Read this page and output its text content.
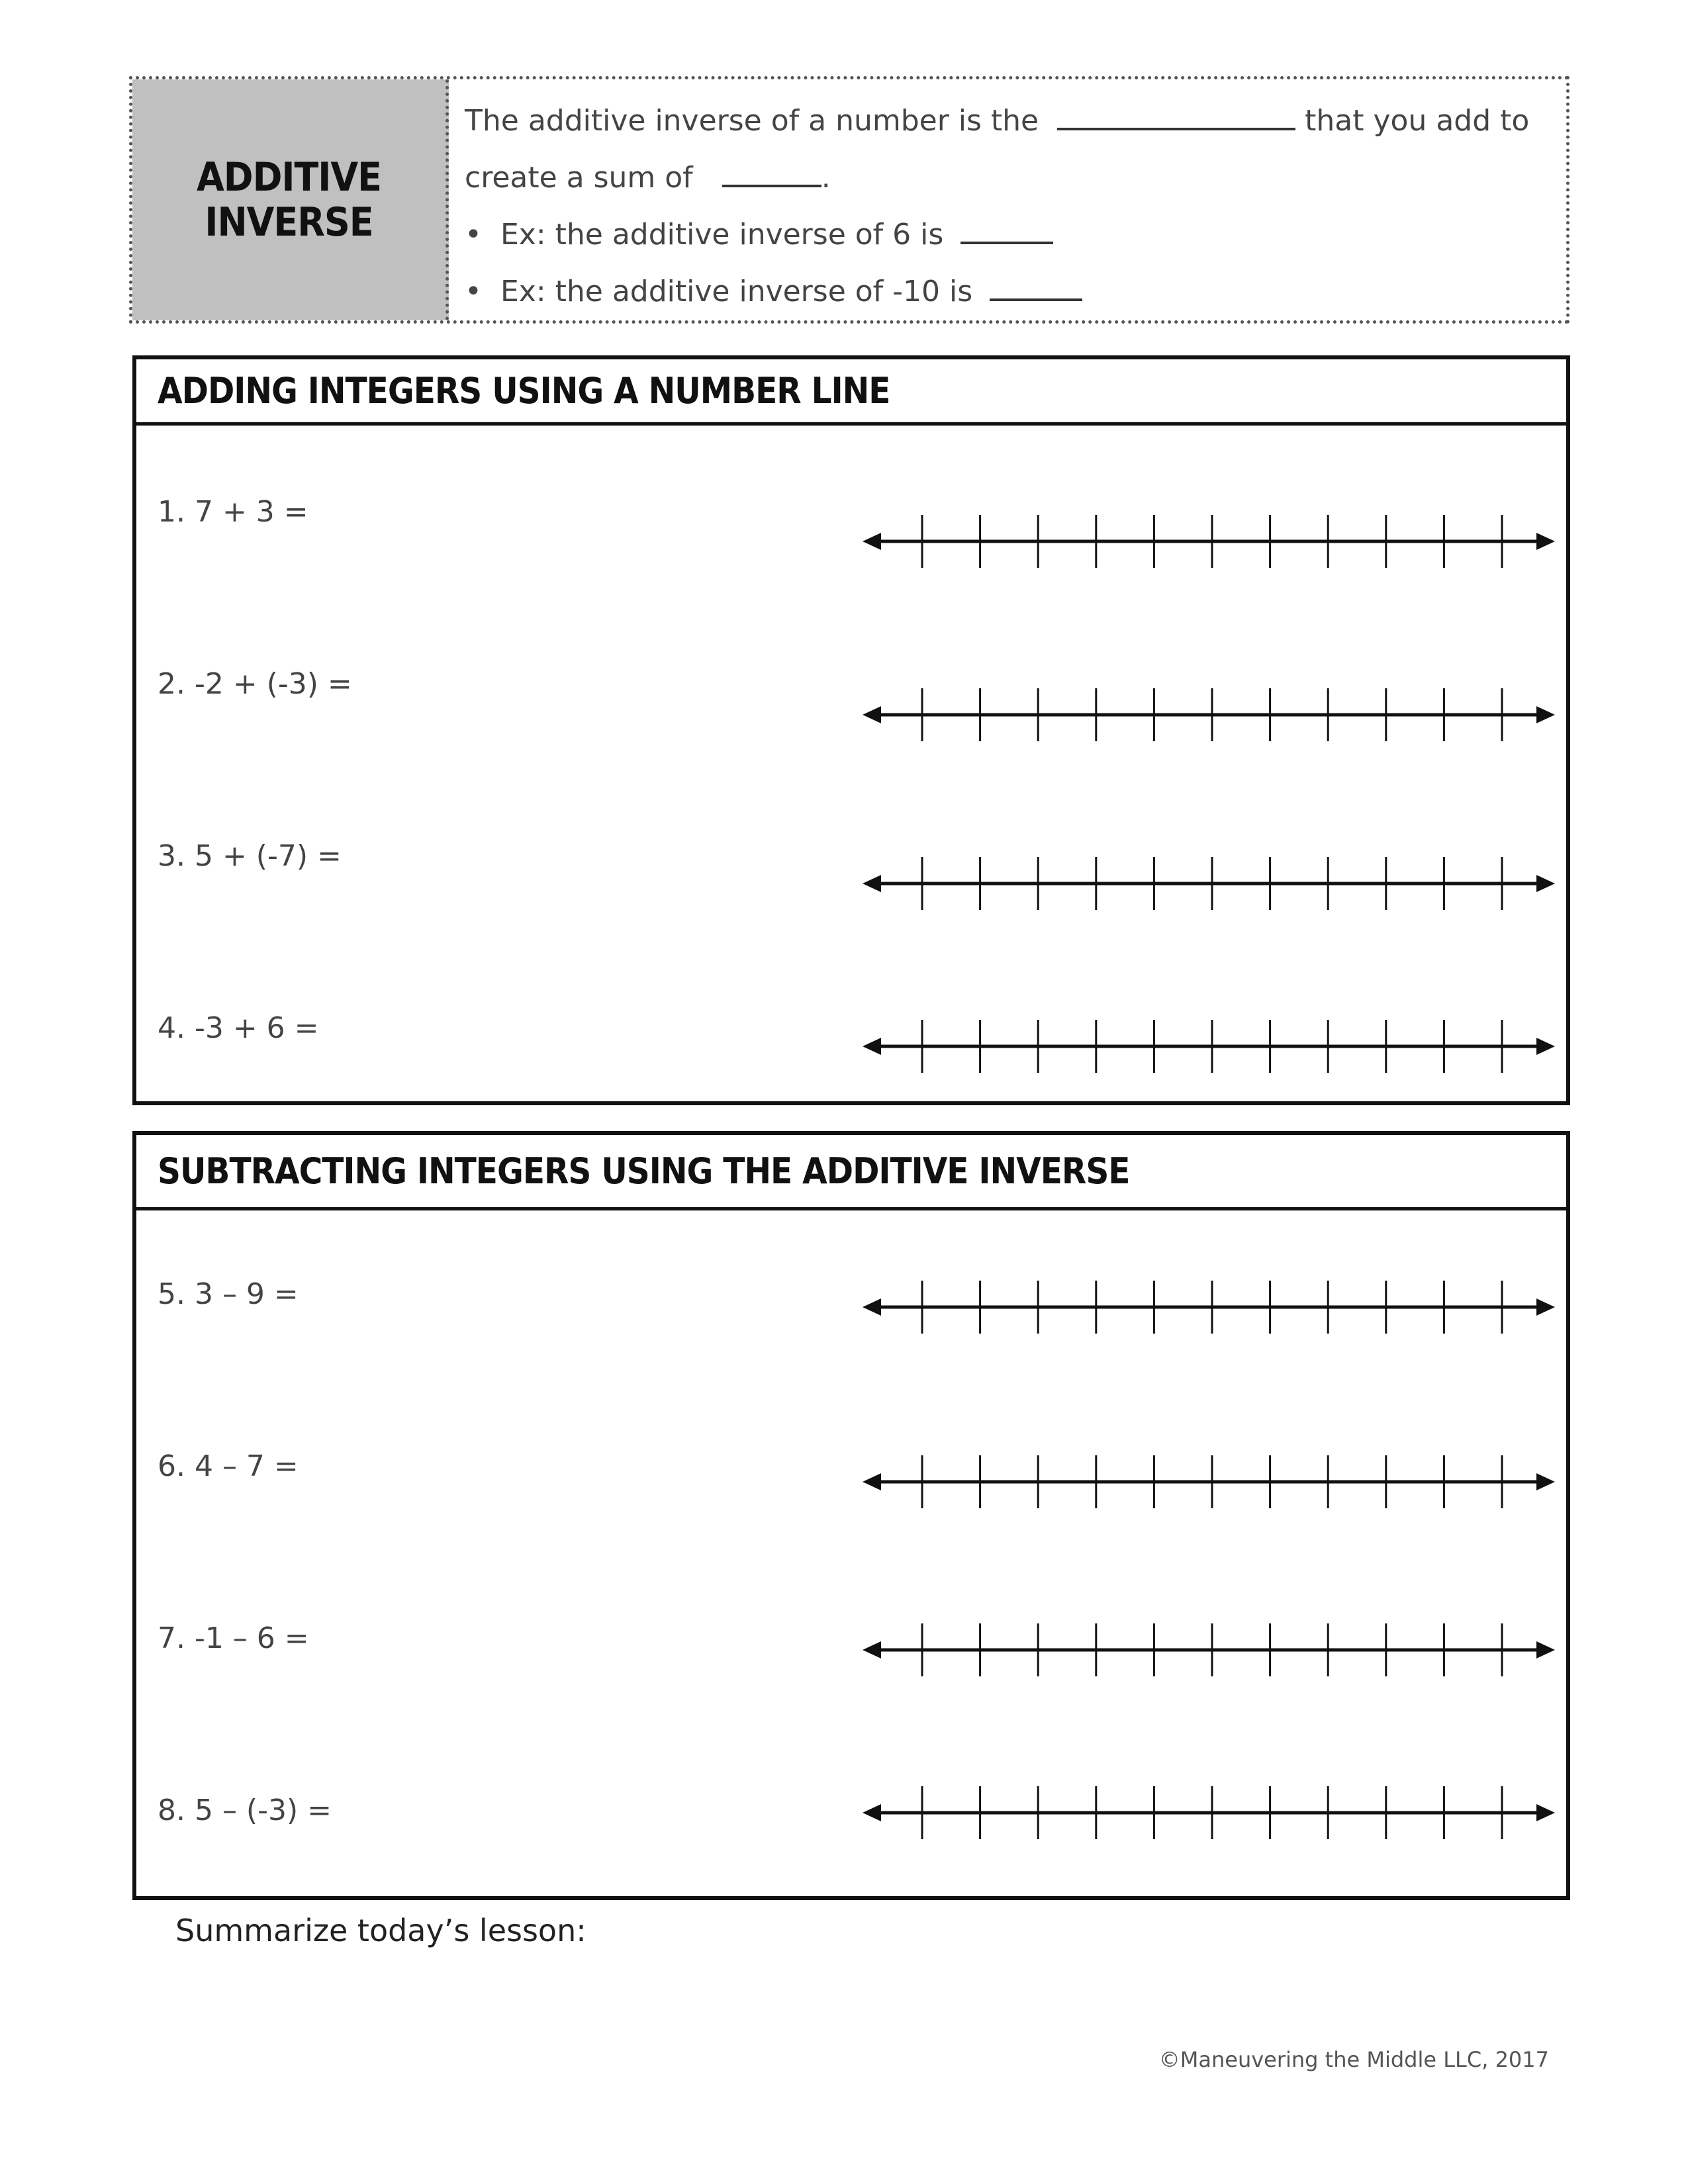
ADDITIVE
INVERSE
The additive inverse of a number is the	that you add to
create a sum of	.
• Ex: the additive inverse of 6 is
• Ex: the additive inverse of -10 is
ADDING INTEGERS USING A NUMBER LINE
1. 7 + 3 =
2. -2 + (-3) =
3. 5 + (-7) =
4. -3 + 6 =
SUBTRACTING INTEGERS USING THE ADDITIVE INVERSE
5. 3 – 9 =
6. 4 – 7 =
7. -1 – 6 =
8. 5 – (-3) =
Summarize today’s lesson:
©Maneuvering the Middle LLC, 2017
